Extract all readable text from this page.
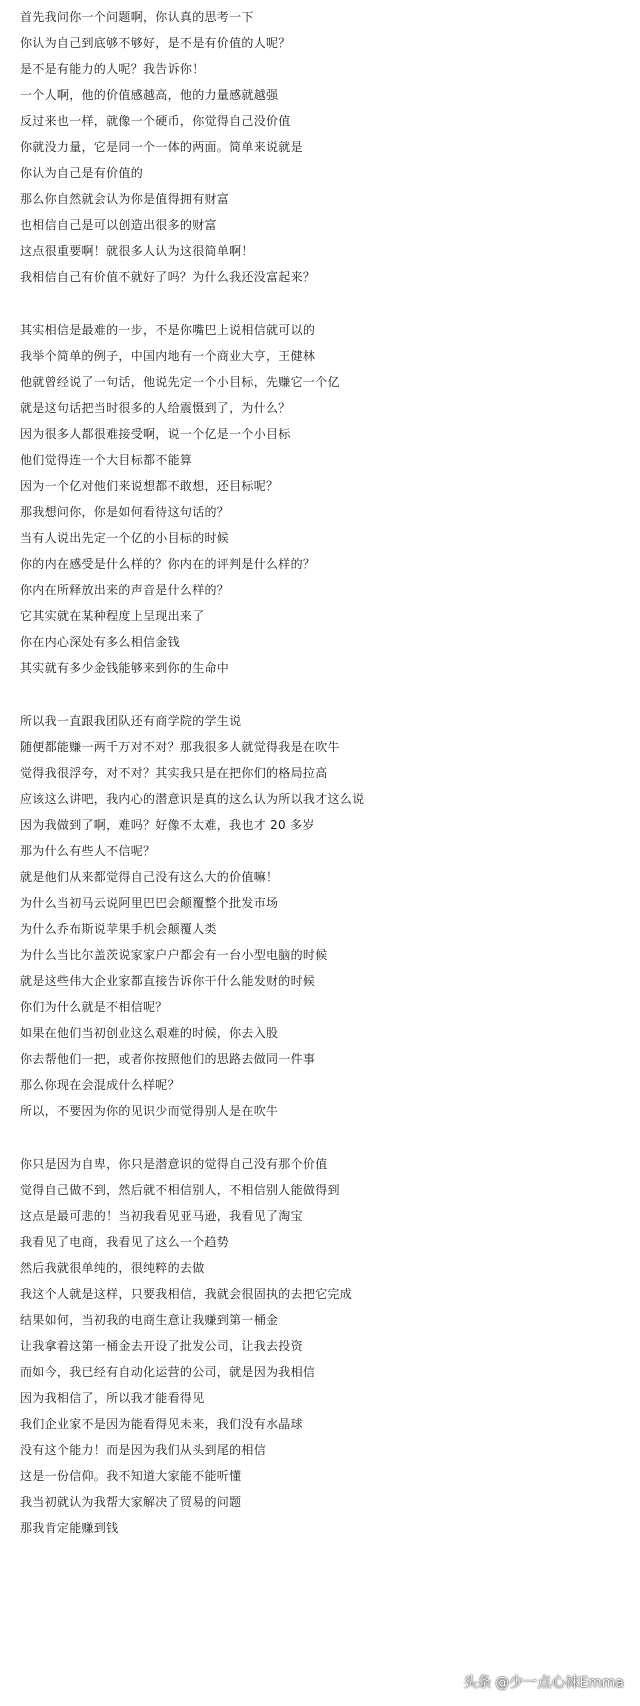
首先我问你一个问题啊，你认真的思考一下
你认为自己到底够不够好，是不是有价值的人呢？
是不是有能力的人呢？我告诉你！
一个人啊，他的价值感越高，他的力量感就越强
反过来也一样，就像一个硬币，你觉得自己没价值
你就没力量，它是同一个一体的两面。简单来说就是
你认为自己是有价值的
那么你自然就会认为你是值得拥有财富
也相信自己是可以创造出很多的财富
这点很重要啊！就很多人认为这很简单啊！
我相信自己有价值不就好了吗？为什么我还没富起来？
其实相信是最难的一步，不是你嘴巴上说相信就可以的
我举个简单的例子，中国内地有一个商业大亨，王健林
他就曾经说了一句话，他说先定一个小目标，先赚它一个亿
就是这句话把当时很多的人给震慑到了，为什么？
因为很多人都很难接受啊，说一个亿是一个小目标
他们觉得连一个大目标都不能算
因为一个亿对他们来说想都不敢想，还目标呢？
那我想问你，你是如何看待这句话的？
当有人说出先定一个亿的小目标的时候
你的内在感受是什么样的？你内在的评判是什么样的？
你内在所释放出来的声音是什么样的？
它其实就在某种程度上呈现出来了
你在内心深处有多么相信金钱
其实就有多少金钱能够来到你的生命中
所以我一直跟我团队还有商学院的学生说
随便都能赚一两千万对不对？那我很多人就觉得我是在吹牛
觉得我很浮夸，对不对？其实我只是在把你们的格局拉高
应该这么讲吧，我内心的潜意识是真的这么认为所以我才这么说
因为我做到了啊，难吗？好像不太难，我也才 20 多岁
那为什么有些人不信呢？
就是他们从来都觉得自己没有这么大的价值嘛！
为什么当初马云说阿里巴巴会颠覆整个批发市场
为什么乔布斯说苹果手机会颠覆人类
为什么当比尔盖茨说家家户户都会有一台小型电脑的时候
就是这些伟大企业家都直接告诉你干什么能发财的时候
你们为什么就是不相信呢？
如果在他们当初创业这么艰难的时候，你去入股
你去帮他们一把，或者你按照他们的思路去做同一件事
那么你现在会混成什么样呢？
所以，不要因为你的见识少而觉得别人是在吹牛
你只是因为自卑，你只是潜意识的觉得自己没有那个价值
觉得自己做不到，然后就不相信别人，不相信别人能做得到
这点是最可悲的！当初我看见亚马逊，我看见了淘宝
我看见了电商，我看见了这么一个趋势
然后我就很单纯的，很纯粹的去做
我这个人就是这样，只要我相信，我就会很固执的去把它完成
结果如何，当初我的电商生意让我赚到第一桶金
让我拿着这第一桶金去开设了批发公司，让我去投资
而如今，我已经有自动化运营的公司，就是因为我相信
因为我相信了，所以我才能看得见
我们企业家不是因为能看得见未来，我们没有水晶球
没有这个能力！而是因为我们从头到尾的相信
这是一份信仰。我不知道大家能不能听懂
我当初就认为我帮大家解决了贸易的问题
那我肯定能赚到钱
头条 @少一点心袜Emma
